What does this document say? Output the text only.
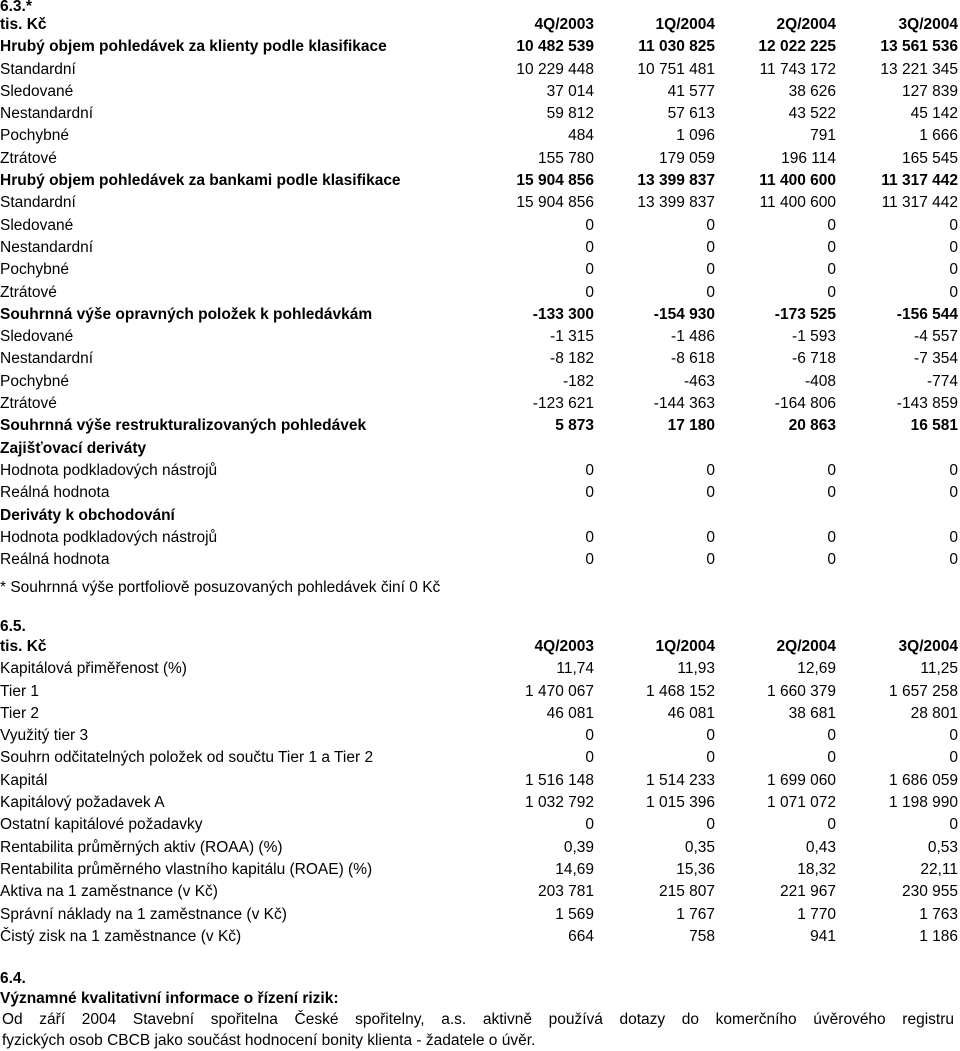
6.3.*
tis. Kč	4Q/2003	1Q/2004	2Q/2004	3Q/2004
Hrubý objem pohledávek za klienty podle klasifikace	10 482 539	11 030 825	12 022 225	13 561 536
Standardní	10 229 448	10 751 481	11 743 172	13 221 345
Sledované	37 014	41 577	38 626	127 839
Nestandardní	59 812	57 613	43 522	45 142
Pochybné	484	1 096	791	1 666
Ztrátové	155 780	179 059	196 114	165 545
Hrubý objem pohledávek za bankami podle klasifikace	15 904 856	13 399 837	11 400 600	11 317 442
Standardní	15 904 856	13 399 837	11 400 600	11 317 442
Sledované	0	0	0	0
Nestandardní	0	0	0	0
Pochybné	0	0	0	0
Ztrátové	0	0	0	0
Souhrnná výše opravných položek k pohledávkám	-133 300	-154 930	-173 525	-156 544
Sledované	-1 315	-1 486	-1 593	-4 557
Nestandardní	-8 182	-8 618	-6 718	-7 354
Pochybné	-182	-463	-408	-774
Ztrátové	-123 621	-144 363	-164 806	-143 859
Souhrnná výše restrukturalizovaných pohledávek	5 873	17 180	20 863	16 581
Zajišťovací deriváty				
Hodnota podkladových nástrojů	0	0	0	0
Reálná hodnota	0	0	0	0
Deriváty k obchodování				
Hodnota podkladových nástrojů	0	0	0	0
Reálná hodnota	0	0	0	0
* Souhrnná výše portfoliově posuzovaných pohledávek činí 0 Kč
6.5.
tis. Kč	4Q/2003	1Q/2004	2Q/2004	3Q/2004
Kapitálová přiměřenost (%)	11,74	11,93	12,69	11,25
Tier 1	1 470 067	1 468 152	1 660 379	1 657 258
Tier 2	46 081	46 081	38 681	28 801
Využitý tier 3	0	0	0	0
Souhrn odčitatelných položek od součtu Tier 1 a Tier 2	0	0	0	0
Kapitál	1 516 148	1 514 233	1 699 060	1 686 059
Kapitálový požadavek A	1 032 792	1 015 396	1 071 072	1 198 990
Ostatní kapitálové požadavky	0	0	0	0
Rentabilita průměrných aktiv (ROAA) (%)	0,39	0,35	0,43	0,53
Rentabilita průměrného vlastního kapitálu (ROAE) (%)	14,69	15,36	18,32	22,11
Aktiva na 1 zaměstnance (v Kč)	203 781	215 807	221 967	230 955
Správní náklady na 1 zaměstnance (v Kč)	1 569	1 767	1 770	1 763
Čistý zisk na 1 zaměstnance (v Kč)	664	758	941	1 186
6.4.
Významné kvalitativní informace o řízení rizik:
Od září 2004 Stavební spořitelna České spořitelny, a.s. aktivně používá dotazy do komerčního úvěrového registru
fyzických osob CBCB jako součást hodnocení bonity klienta - žadatele o úvěr.
